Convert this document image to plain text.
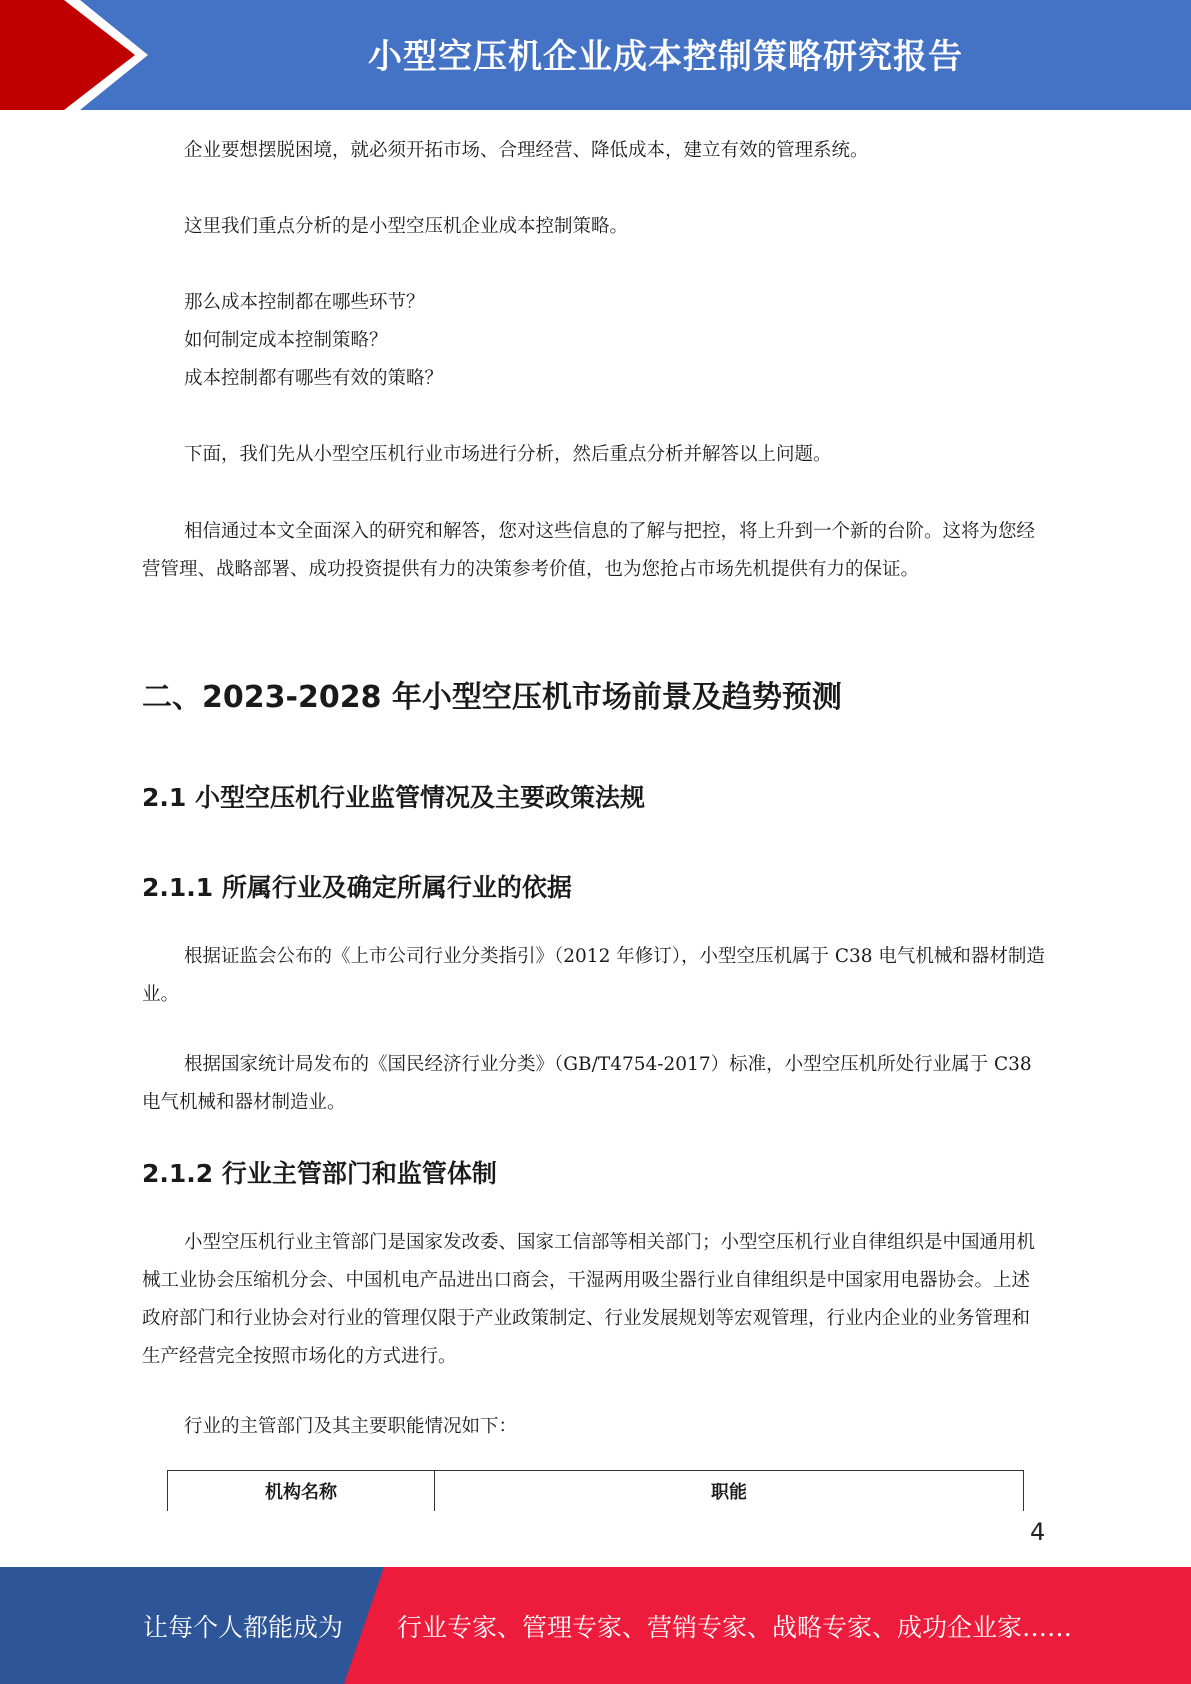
小型空压机企业成本控制策略研究报告

企业要想摆脱困境，就必须开拓市场、合理经营、降低成本，建立有效的管理系统。

这里我们重点分析的是小型空压机企业成本控制策略。

那么成本控制都在哪些环节？

如何制定成本控制策略？

成本控制都有哪些有效的策略？

下面，我们先从小型空压机行业市场进行分析，然后重点分析并解答以上问题。

相信通过本文全面深入的研究和解答，您对这些信息的了解与把控，将上升到一个新的台阶。这将为您经营管理、战略部署、成功投资提供有力的决策参考价值，也为您抢占市场先机提供有力的保证。

二、2023-2028 年小型空压机市场前景及趋势预测
2.1 小型空压机行业监管情况及主要政策法规
2.1.1 所属行业及确定所属行业的依据

根据证监会公布的《上市公司行业分类指引》（2012 年修订），小型空压机属于 C38 电气机械和器材制造业。

根据国家统计局发布的《国民经济行业分类》（GB/T4754-2017）标准，小型空压机所处行业属于 C38 电气机械和器材制造业。

2.1.2 行业主管部门和监管体制

小型空压机行业主管部门是国家发改委、国家工信部等相关部门；小型空压机行业自律组织是中国通用机械工业协会压缩机分会、中国机电产品进出口商会，干湿两用吸尘器行业自律组织是中国家用电器协会。上述政府部门和行业协会对行业的管理仅限于产业政策制定、行业发展规划等宏观管理，行业内企业的业务管理和生产经营完全按照市场化的方式进行。

行业的主管部门及其主要职能情况如下：

机构名称	职能
4
让每个人都能成为 行业专家、管理专家、营销专家、战略专家、成功企业家……
